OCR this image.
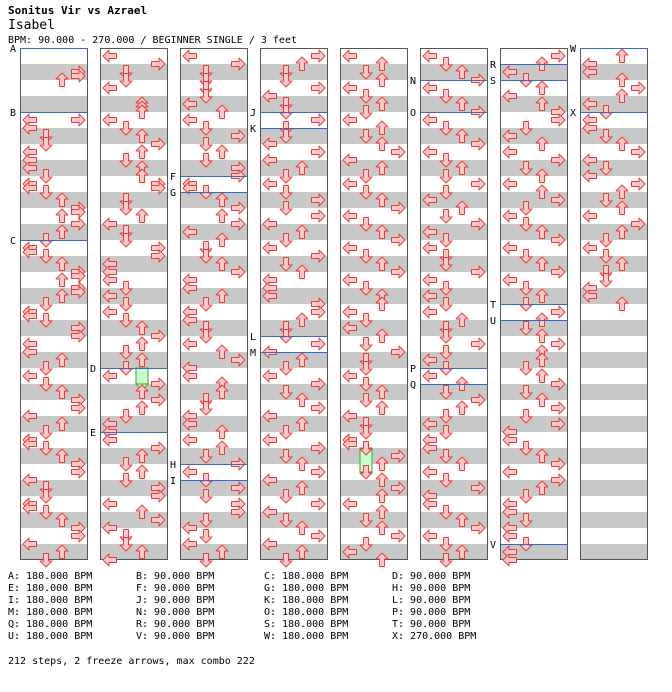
Sonitus Vir vs Azrael
Isabel
BPM: 90.000 - 270.000 / BEGINNER SINGLE / 3 feet
A
B
C
D
E
F
G
H
I
J
K
L
M
N
O
P
Q
R
S
T
U
V
W
X
A: 180.000 BPM	B: 90.000 BPM	C: 180.000 BPM	D: 90.000 BPM
E: 180.000 BPM	F: 90.000 BPM	G: 180.000 BPM	H: 90.000 BPM
I: 180.000 BPM	J: 90.000 BPM	K: 180.000 BPM	L: 90.000 BPM
M: 180.000 BPM	N: 90.000 BPM	O: 180.000 BPM	P: 90.000 BPM
Q: 180.000 BPM	R: 90.000 BPM	S: 180.000 BPM	T: 90.000 BPM
U: 180.000 BPM	V: 90.000 BPM	W: 180.000 BPM	X: 270.000 BPM
212 steps, 2 freeze arrows, max combo 222
